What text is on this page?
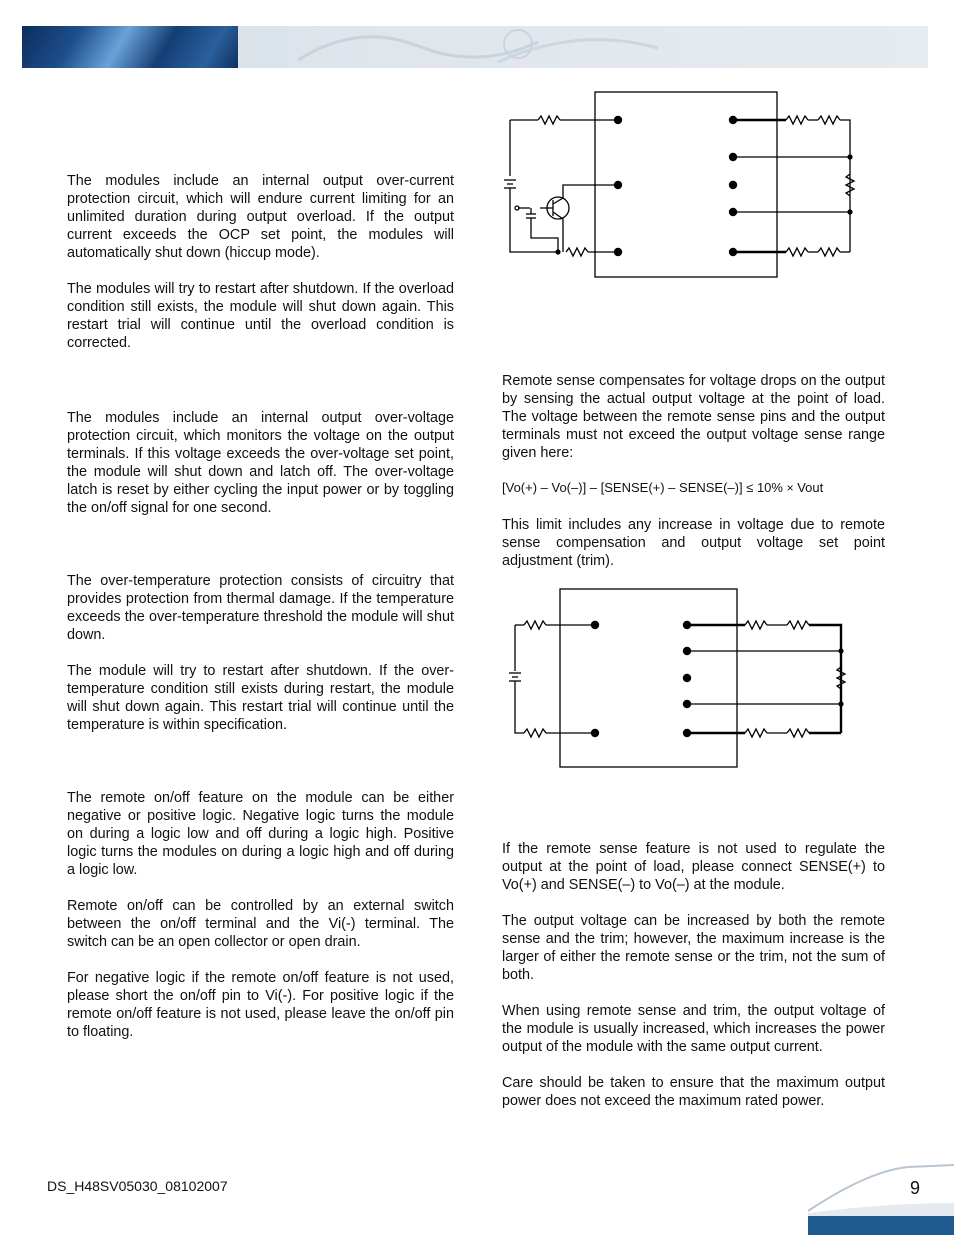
The modules include an internal output over-current protection circuit, which will endure current limiting for an unlimited duration during output overload. If the output current exceeds the OCP set point, the modules will automatically shut down (hiccup mode).

The modules will try to restart after shutdown. If the overload condition still exists, the module will shut down again. This restart trial will continue until the overload condition is corrected.

The modules include an internal output over-voltage protection circuit, which monitors the voltage on the output terminals. If this voltage exceeds the over-voltage set point, the module will shut down and latch off. The over-voltage latch is reset by either cycling the input power or by toggling the on/off signal for one second.

The over-temperature protection consists of circuitry that provides protection from thermal damage. If the temperature exceeds the over-temperature threshold the module will shut down.

The module will try to restart after shutdown. If the over-temperature condition still exists during restart, the module will shut down again. This restart trial will continue until the temperature is within specification.

The remote on/off feature on the module can be either negative or positive logic. Negative logic turns the module on during a logic low and off during a logic high. Positive logic turns the modules on during a logic high and off during a logic low.

Remote on/off can be controlled by an external switch between the on/off terminal and the Vi(-) terminal. The switch can be an open collector or open drain.

For negative logic if the remote on/off feature is not used, please short the on/off pin to Vi(-). For positive logic if the remote on/off feature is not used, please leave the on/off pin to floating.

Remote sense compensates for voltage drops on the output by sensing the actual output voltage at the point of load. The voltage between the remote sense pins and the output terminals must not exceed the output voltage sense range given here:

[Vo(+) – Vo(–)] – [SENSE(+) – SENSE(–)] ≤ 10% × Vout

This limit includes any increase in voltage due to remote sense compensation and output voltage set point adjustment (trim).

If the remote sense feature is not used to regulate the output at the point of load, please connect SENSE(+) to Vo(+) and SENSE(–) to Vo(–) at the module.

The output voltage can be increased by both the remote sense and the trim; however, the maximum increase is the larger of either the remote sense or the trim, not the sum of both.

When using remote sense and trim, the output voltage of the module is usually increased, which increases the power output of the module with the same output current.

Care should be taken to ensure that the maximum output power does not exceed the maximum rated power.

DS_H48SV05030_08102007	9
